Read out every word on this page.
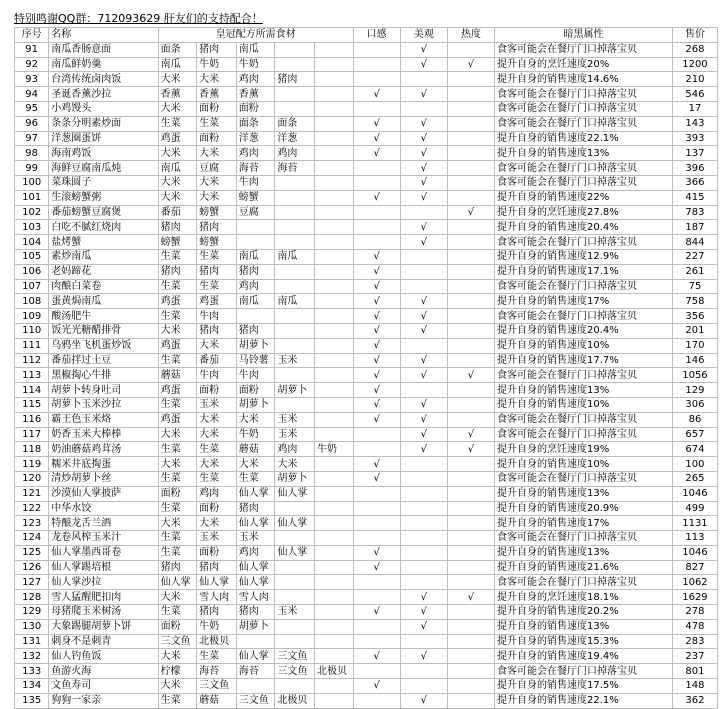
特别鸣谢QQ群：712093629 肝友们的支持配合！
序号	名称	皇冠配方所需食材					口感	美观	热度	暗黑属性	售价
91	南瓜香肠意面	面条	猪肉	南瓜				√		食客可能会在餐厅门口掉落宝贝	268
92	南瓜鲜奶羹	南瓜	牛奶	牛奶				√	√	提升自身的烹饪速度20%	1200
93	台湾传统卤肉饭	大米	大米	鸡肉	猪肉					提升自身的销售速度14.6%	210
94	圣诞香薰沙拉	香薰	香薰	香薰			√	√		食客可能会在餐厅门口掉落宝贝	546
95	小鸡馒头	大米	面粉	面粉						食客可能会在餐厅门口掉落宝贝	17
96	条条分明素炒面	生菜	生菜	面条	面条		√	√		食客可能会在餐厅门口掉落宝贝	143
97	洋葱圈蛋饼	鸡蛋	面粉	洋葱	洋葱		√	√		提升自身的销售速度22.1%	393
98	海南鸡饭	大米	大米	鸡肉	鸡肉		√	√		提升自身的销售速度13%	137
99	海鲜豆腐南瓜炖	南瓜	豆腐	海苔	海苔			√		食客可能会在餐厅门口掉落宝贝	396
100	菜珠圆子	大米	大米	牛肉				√		食客可能会在餐厅门口掉落宝贝	366
101	生滚螃蟹粥	大米	大米	螃蟹			√	√		提升自身的销售速度22%	415
102	番茄螃蟹豆腐煲	番茄	螃蟹	豆腐					√	提升自身的烹饪速度27.8%	783
103	白吃不腻红烧肉	猪肉	猪肉					√		提升自身的销售速度20.4%	187
104	盐烤蟹	螃蟹	螃蟹					√		食客可能会在餐厅门口掉落宝贝	844
105	素炒南瓜	生菜	生菜	南瓜	南瓜		√			提升自身的销售速度12.9%	227
106	老妈蹄花	猪肉	猪肉	猪肉			√			提升自身的销售速度17.1%	261
107	肉酿白菜卷	生菜	生菜	鸡肉			√			食客可能会在餐厅门口掉落宝贝	75
108	蛋黄焗南瓜	鸡蛋	鸡蛋	南瓜	南瓜		√	√		提升自身的销售速度17%	758
109	酸汤肥牛	生菜	牛肉				√	√		食客可能会在餐厅门口掉落宝贝	356
110	饭光光糖醋排骨	大米	猪肉	猪肉			√	√		提升自身的销售速度20.4%	201
111	乌鸦坐飞机蛋炒饭	鸡蛋	大米	胡萝卜			√			提升自身的销售速度10%	170
112	番茄拌过土豆	生菜	番茄	马铃薯	玉米		√	√		提升自身的销售速度17.7%	146
113	黑椒掏心牛排	蘑菇	牛肉	牛肉			√	√	√	食客可能会在餐厅门口掉落宝贝	1056
114	胡萝卜转身吐司	鸡蛋	面粉	面粉	胡萝卜		√			提升自身的销售速度13%	129
115	胡萝卜玉米沙拉	生菜	玉米	胡萝卜			√	√		提升自身的销售速度10%	306
116	霸王色玉米烙	鸡蛋	大米	大米	玉米		√	√		食客可能会在餐厅门口掉落宝贝	86
117	奶香玉米大棒棒	大米	大米	牛奶	玉米			√	√	食客可能会在餐厅门口掉落宝贝	657
118	奶油蘑菇鸡茸汤	生菜	生菜	蘑菇	鸡肉	牛奶		√	√	提升自身的烹饪速度19%	674
119	糯米井底掏蛋	大米	大米	大米	大米		√			提升自身的销售速度10%	100
120	清炒胡萝卜丝	生菜	生菜	生菜	胡萝卜		√			食客可能会在餐厅门口掉落宝贝	265
121	沙漠仙人掌披萨	面粉	鸡肉	仙人掌	仙人掌					提升自身的销售速度13%	1046
122	中华水饺	生菜	面粉	猪肉						提升自身的销售速度20.9%	499
123	特酿龙舌兰酒	大米	大米	仙人掌	仙人掌					提升自身的销售速度17%	1131
124	龙卷风榨玉米汁	生菜	玉米	玉米						食客可能会在餐厅门口掉落宝贝	113
125	仙人掌墨西哥卷	生菜	面粉	鸡肉	仙人掌		√			提升自身的销售速度13%	1046
126	仙人掌踢培根	猪肉	猪肉	仙人掌			√			提升自身的销售速度21.6%	827
127	仙人掌沙拉	仙人掌	仙人掌	仙人掌						食客可能会在餐厅门口掉落宝贝	1062
128	雪人猛醒肥扣肉	大米	雪人肉	雪人肉				√	√	提升自身的烹饪速度18.1%	1629
129	母猪爬玉米树汤	生菜	猪肉	猪肉	玉米		√	√		提升自身的销售速度20.2%	278
130	大象踢腿胡萝卜饼	面粉	牛奶	胡萝卜				√		提升自身的销售速度13%	478
131	刺身不是刺青	三文鱼	北极贝							提升自身的销售速度15.3%	283
132	仙人钓鱼饭	大米	生菜	仙人掌	三文鱼		√	√		提升自身的销售速度19.4%	237
133	鱼游火海	柠檬	海苔	海苔	三文鱼	北极贝				食客可能会在餐厅门口掉落宝贝	801
134	文鱼寿司	大米	三文鱼				√			提升自身的销售速度17.5%	148
135	狗狗一家亲	生菜	蘑菇	三文鱼	北极贝			√		提升自身的销售速度22.1%	362
